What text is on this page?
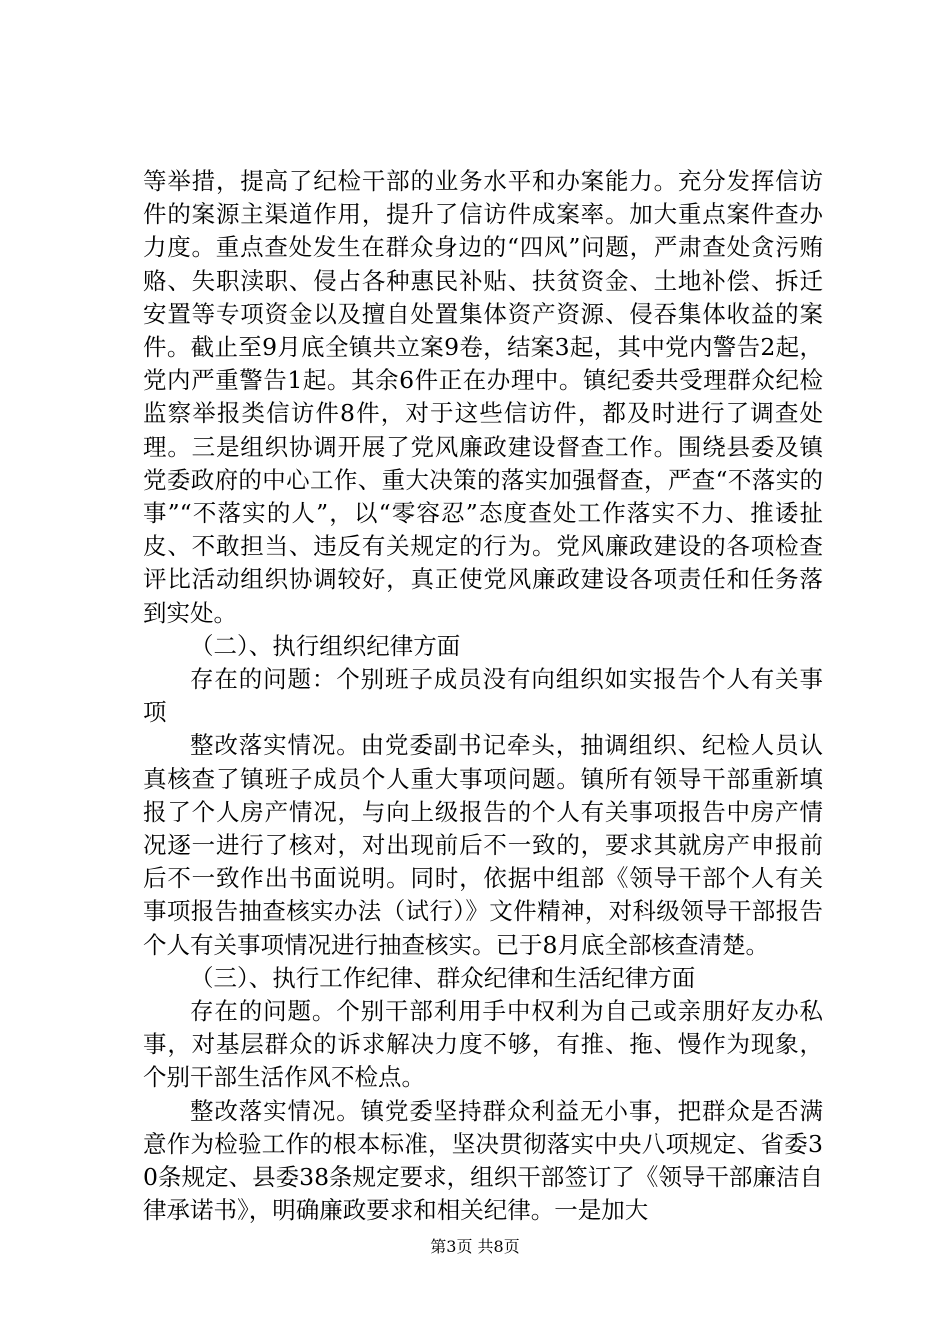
等举措，提高了纪检干部的业务水平和办案能力。充分发挥信访件的案源主渠道作用，提升了信访件成案率。加大重点案件查办力度。重点查处发生在群众身边的“四风”问题，严肃查处贪污贿赂、失职渎职、侵占各种惠民补贴、扶贫资金、土地补偿、拆迁安置等专项资金以及擅自处置集体资产资源、侵吞集体收益的案件。截止至9月底全镇共立案9卷，结案3起，其中党内警告2起，党内严重警告1起。其余6件正在办理中。镇纪委共受理群众纪检监察举报类信访件8件，对于这些信访件，都及时进行了调查处理。三是组织协调开展了党风廉政建设督查工作。围绕县委及镇党委政府的中心工作、重大决策的落实加强督查，严查“不落实的事”“不落实的人”，以“零容忍”态度查处工作落实不力、推诿扯皮、不敢担当、违反有关规定的行为。党风廉政建设的各项检查评比活动组织协调较好，真正使党风廉政建设各项责任和任务落到实处。

（二）、执行组织纪律方面

存在的问题：个别班子成员没有向组织如实报告个人有关事项

整改落实情况。由党委副书记牵头，抽调组织、纪检人员认真核查了镇班子成员个人重大事项问题。镇所有领导干部重新填报了个人房产情况，与向上级报告的个人有关事项报告中房产情况逐一进行了核对，对出现前后不一致的，要求其就房产申报前后不一致作出书面说明。同时，依据中组部《领导干部个人有关事项报告抽查核实办法（试行）》文件精神，对科级领导干部报告个人有关事项情况进行抽查核实。已于8月底全部核查清楚。

（三）、执行工作纪律、群众纪律和生活纪律方面

存在的问题。个别干部利用手中权利为自己或亲朋好友办私事，对基层群众的诉求解决力度不够，有推、拖、慢作为现象，个别干部生活作风不检点。

整改落实情况。镇党委坚持群众利益无小事，把群众是否满意作为检验工作的根本标准，坚决贯彻落实中央八项规定、省委30条规定、县委38条规定要求，组织干部签订了《领导干部廉洁自律承诺书》，明确廉政要求和相关纪律。一是加大

第3页 共8页
